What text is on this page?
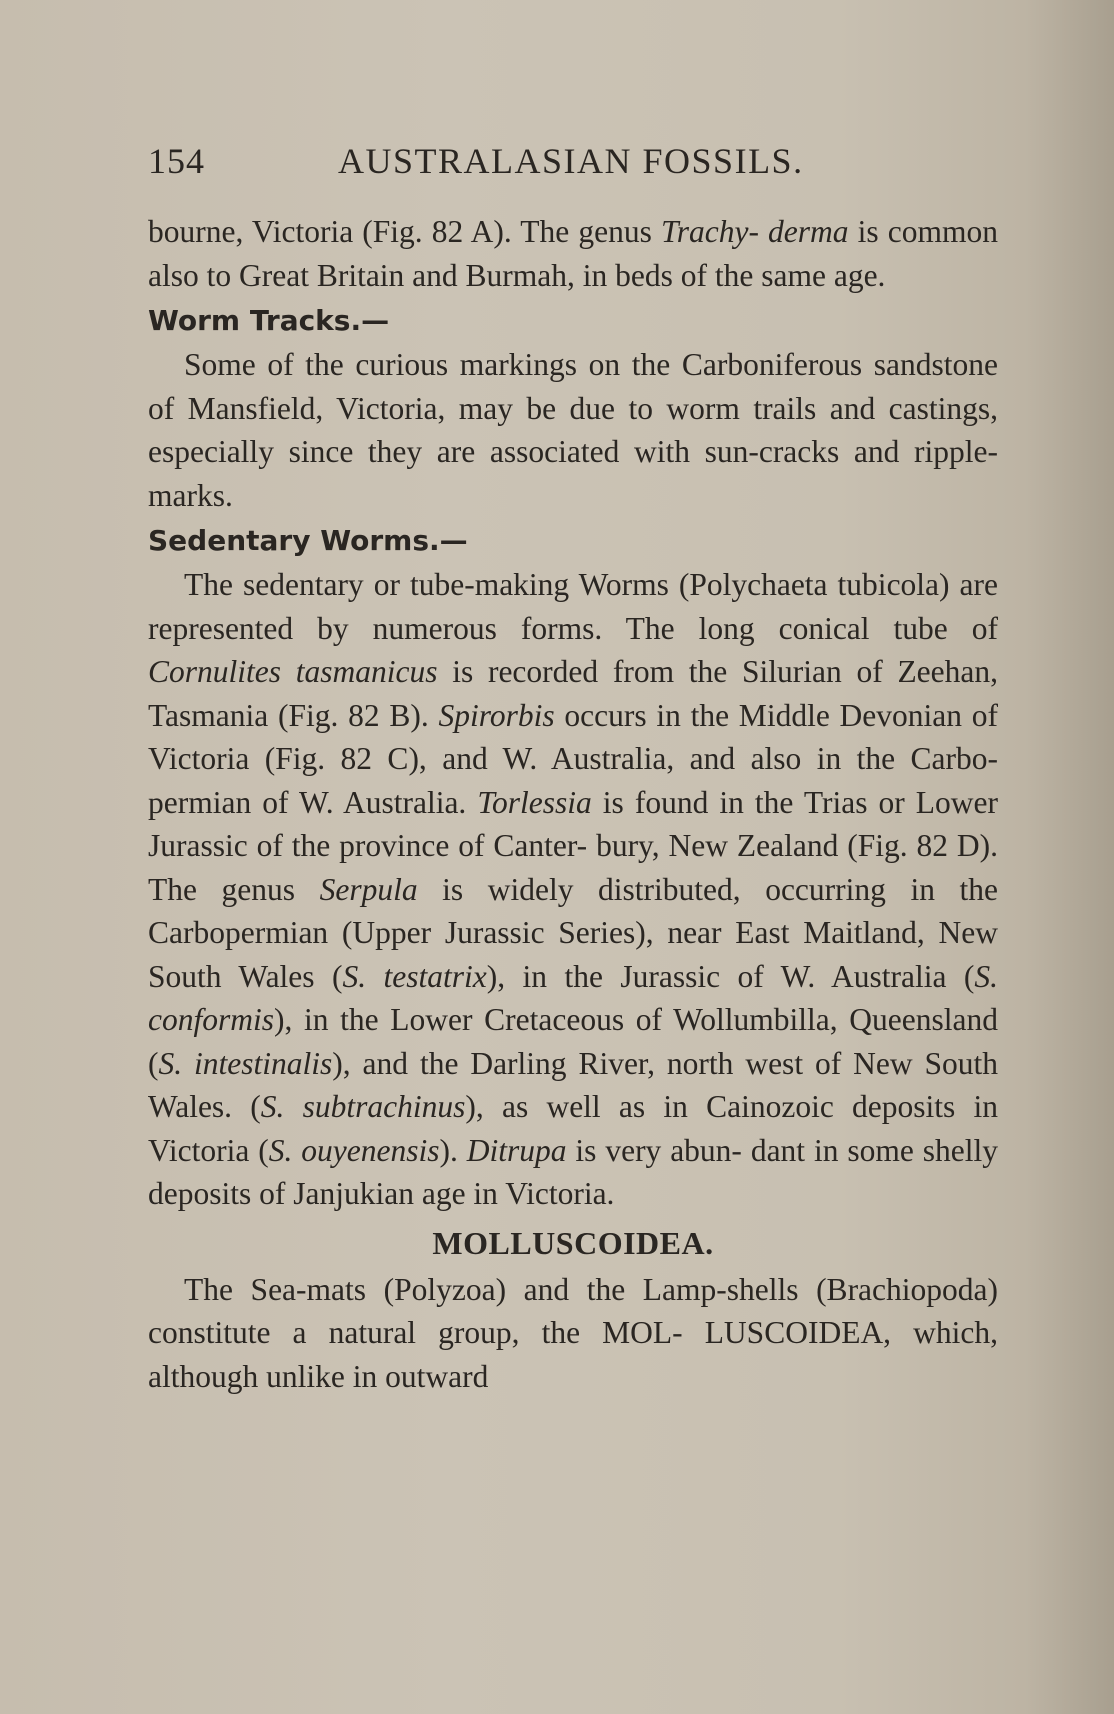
154	AUSTRALASIAN FOSSILS.

bourne, Victoria (Fig. 82 A). The genus Trachy- derma is common also to Great Britain and Burmah, in beds of the same age.

Worm Tracks.—

Some of the curious markings on the Carboniferous sandstone of Mansfield, Victoria, may be due to worm trails and castings, especially since they are associated with sun-cracks and ripple-marks.

Sedentary Worms.—

The sedentary or tube-making Worms (Polychaeta tubicola) are represented by numerous forms. The long conical tube of Cornulites tasmanicus is recorded from the Silurian of Zeehan, Tasmania (Fig. 82 B). Spirorbis occurs in the Middle Devonian of Victoria (Fig. 82 C), and W. Australia, and also in the Carbo- permian of W. Australia. Torlessia is found in the Trias or Lower Jurassic of the province of Canter- bury, New Zealand (Fig. 82 D). The genus Serpula is widely distributed, occurring in the Carbopermian (Upper Jurassic Series), near East Maitland, New South Wales (S. testatrix), in the Jurassic of W. Australia (S. conformis), in the Lower Cretaceous of Wollumbilla, Queensland (S. intestinalis), and the Darling River, north west of New South Wales. (S. subtrachinus), as well as in Cainozoic deposits in Victoria (S. ouyenensis). Ditrupa is very abun- dant in some shelly deposits of Janjukian age in Victoria.

MOLLUSCOIDEA.

The Sea-mats (Polyzoa) and the Lamp-shells (Brachiopoda) constitute a natural group, the MOL- LUSCOIDEA, which, although unlike in outward
